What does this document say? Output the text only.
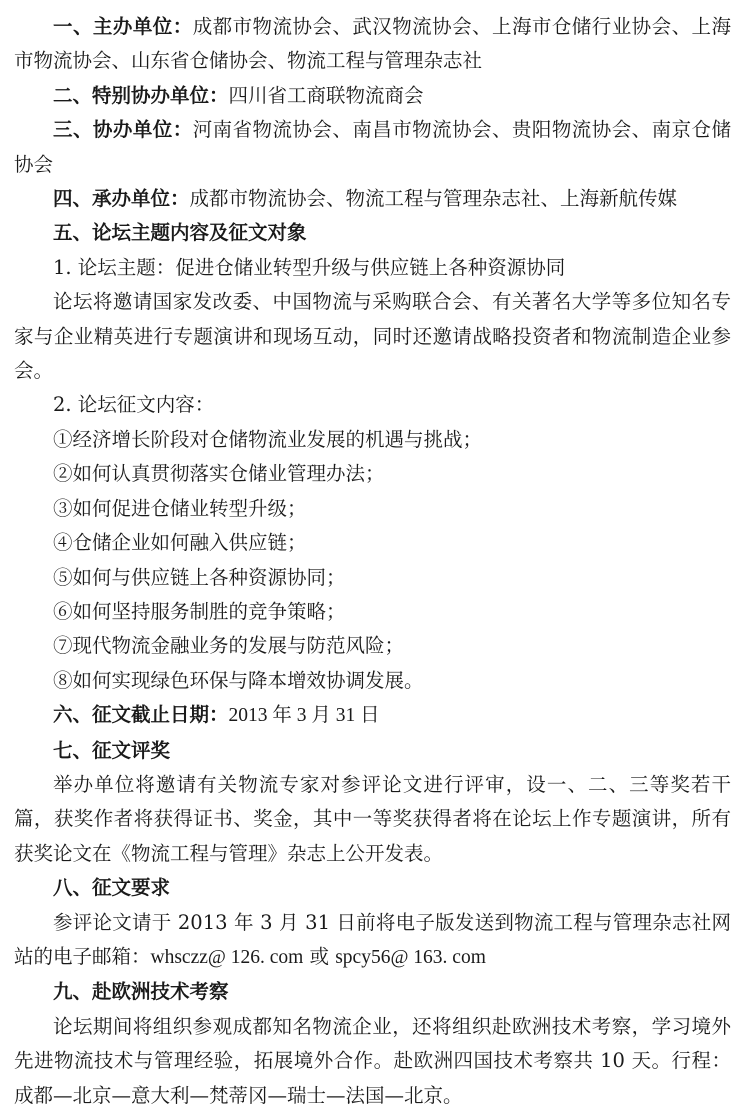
一、主办单位：成都市物流协会、武汉物流协会、上海市仓储行业协会、上海市物流协会、山东省仓储协会、物流工程与管理杂志社

二、特别协办单位：四川省工商联物流商会

三、协办单位：河南省物流协会、南昌市物流协会、贵阳物流协会、南京仓储协会

四、承办单位：成都市物流协会、物流工程与管理杂志社、上海新航传媒

五、论坛主题内容及征文对象

1. 论坛主题：促进仓储业转型升级与供应链上各种资源协同

论坛将邀请国家发改委、中国物流与采购联合会、有关著名大学等多位知名专家与企业精英进行专题演讲和现场互动，同时还邀请战略投资者和物流制造企业参会。

2. 论坛征文内容：

①经济增长阶段对仓储物流业发展的机遇与挑战；

②如何认真贯彻落实仓储业管理办法；

③如何促进仓储业转型升级；

④仓储企业如何融入供应链；

⑤如何与供应链上各种资源协同；

⑥如何坚持服务制胜的竞争策略；

⑦现代物流金融业务的发展与防范风险；

⑧如何实现绿色环保与降本增效协调发展。

六、征文截止日期：2013 年 3 月 31 日

七、征文评奖

举办单位将邀请有关物流专家对参评论文进行评审，设一、二、三等奖若干篇，获奖作者将获得证书、奖金，其中一等奖获得者将在论坛上作专题演讲，所有获奖论文在《物流工程与管理》杂志上公开发表。

八、征文要求

参评论文请于 2013 年 3 月 31 日前将电子版发送到物流工程与管理杂志社网站的电子邮箱：whsczz@ 126. com 或 spcy56@ 163. com

九、赴欧洲技术考察

论坛期间将组织参观成都知名物流企业，还将组织赴欧洲技术考察，学习境外先进物流技术与管理经验，拓展境外合作。赴欧洲四国技术考察共 10 天。行程：成都—北京—意大利—梵蒂冈—瑞士—法国—北京。
